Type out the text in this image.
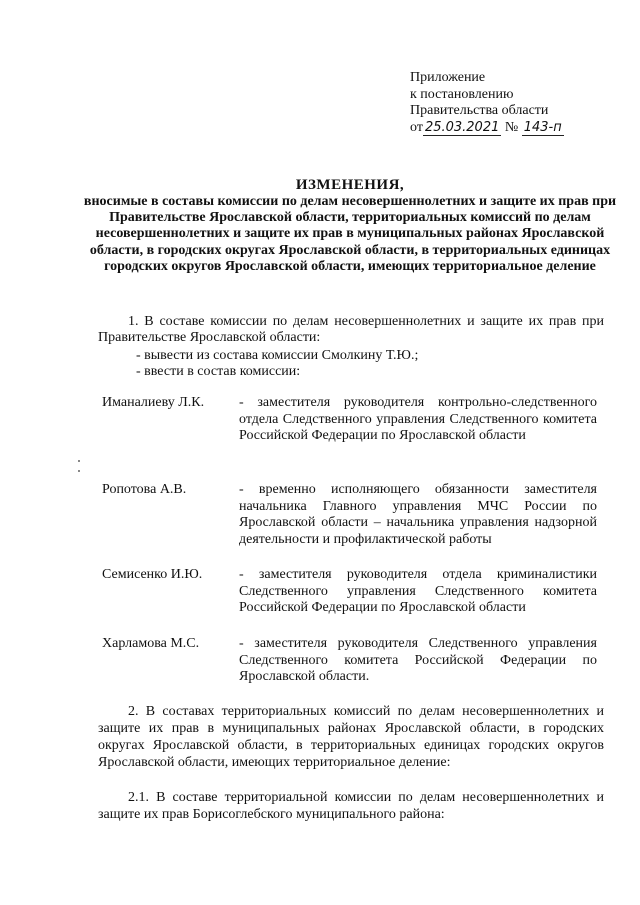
Приложение
к постановлению
Правительства области
от 25.03.2021 № 143-п
ИЗМЕНЕНИЯ,
вносимые в составы комиссии по делам несовершеннолетних и защите их прав при Правительстве Ярославской области, территориальных комиссий по делам несовершеннолетних и защите их прав в муниципальных районах Ярославской области, в городских округах Ярославской области, в территориальных единицах городских округов Ярославской области, имеющих территориальное деление
1. В составе комиссии по делам несовершеннолетних и защите их прав при Правительстве Ярославской области:
- вывести из состава комиссии Смолкину Т.Ю.;
- ввести в состав комиссии:
Иманалиеву Л.К. - заместителя руководителя контрольно-следственного отдела Следственного управления Следственного комитета Российской Федерации по Ярославской области
Ропотова А.В.	- временно исполняющего обязанности заместителя начальника Главного управления МЧС России по Ярославской области – начальника управления надзорной деятельности и профилактической работы
Семисенко И.Ю.	- заместителя руководителя отдела криминалистики Следственного управления Следственного комитета Российской Федерации по Ярославской области
Харламова М.С.	- заместителя руководителя Следственного управления Следственного комитета Российской Федерации по Ярославской области.
2. В составах территориальных комиссий по делам несовершеннолетних и защите их прав в муниципальных районах Ярославской области, в городских округах Ярославской области, в территориальных единицах городских округов Ярославской области, имеющих территориальное деление:
2.1. В составе территориальной комиссии по делам несовершеннолетних и защите их прав Борисоглебского муниципального района:
